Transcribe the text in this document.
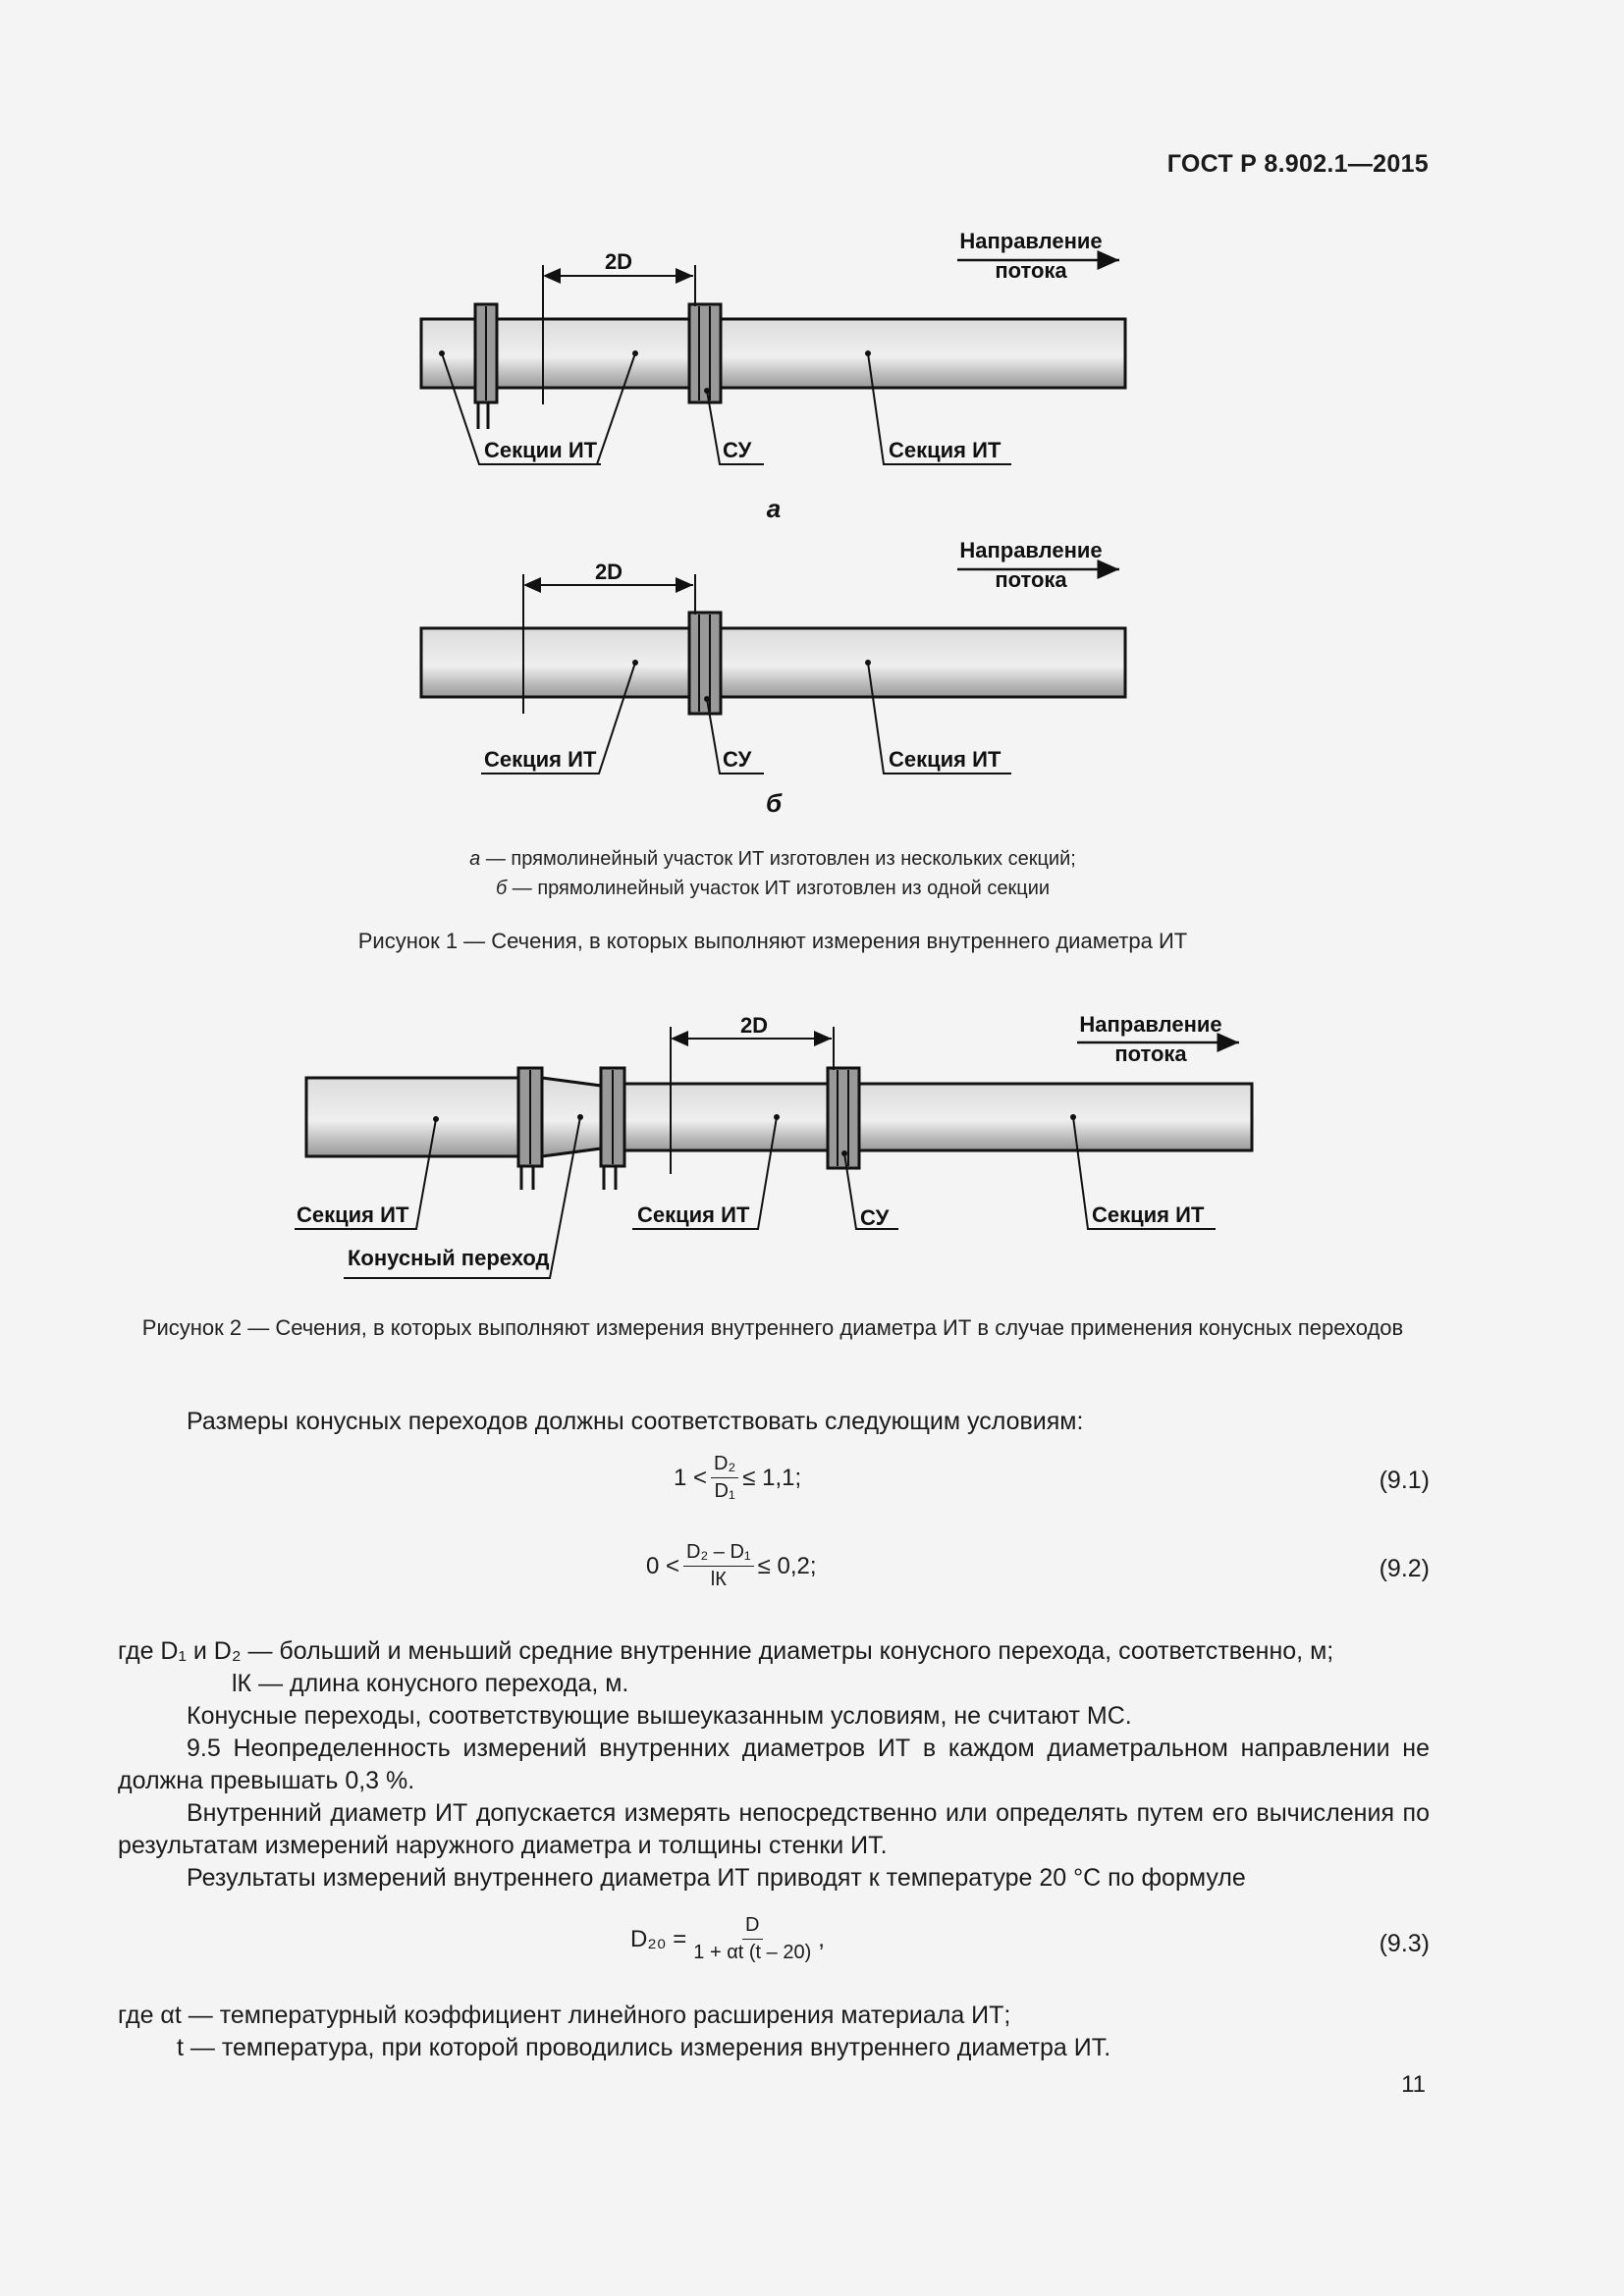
ГОСТ Р 8.902.1—2015
2D
Направление
потока
Секции ИТ	СУ	Секция ИТ
а
2D
Направление
потока
Секция ИТ	СУ	Секция ИТ
б
а — прямолинейный участок ИТ изготовлен из нескольких секций;
б — прямолинейный участок ИТ изготовлен из одной секции
Рисунок 1 — Сечения, в которых выполняют измерения внутреннего диаметра ИТ
2D	Направление
потока
Секция ИТ
Конусный переход
Секция ИТ	СУ	Секция ИТ
Рисунок 2 — Сечения, в которых выполняют измерения внутреннего диаметра ИТ в случае применения конусных переходов
Размеры конусных переходов должны соответствовать следующим условиям:
$1 < \frac{\text{D₂}}{\text{D₁}} \le 1,1$;	(9.1)
$0 < \frac{\text{D₂ – D₁}}{lК} \le 0,2$;	(9.2)
где D₁ и D₂ — больший и меньший средние внутренние диаметры конусного перехода, соответственно, м;
lК — длина конусного перехода, м.
Конусные переходы, соответствующие вышеуказанным условиям, не считают МС.
9.5 Неопределенность измерений внутренних диаметров ИТ в каждом диаметральном направлении не должна превышать 0,3 %.
Внутренний диаметр ИТ допускается измерять непосредственно или определять путем его вычисления по результатам измерений наружного диаметра и толщины стенки ИТ.
Результаты измерений внутреннего диаметра ИТ приводят к температуре 20 °С по формуле
$D_{20} = \frac{D}{1 + \alpha t (t - 20)}$ ,	(9.3)
где αt — температурный коэффициент линейного расширения материала ИТ;
t — температура, при которой проводились измерения внутреннего диаметра ИТ.
11
